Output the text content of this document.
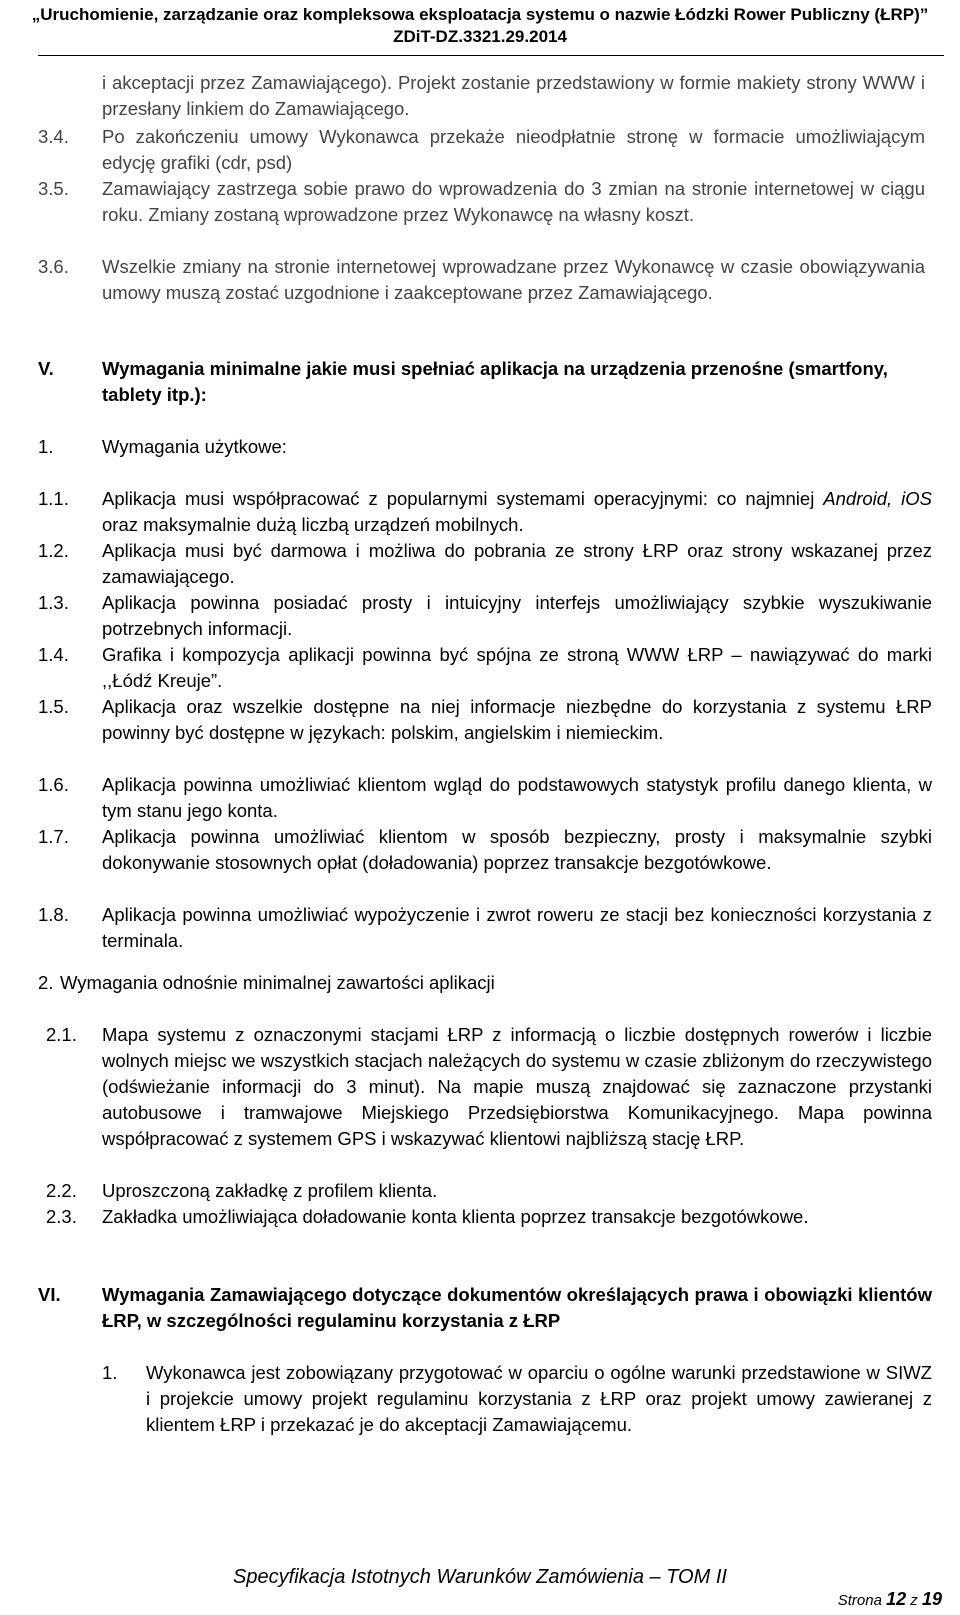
„Uruchomienie, zarządzanie oraz kompleksowa eksploatacja systemu o nazwie Łódzki Rower Publiczny (ŁRP)”
ZDiT-DZ.3321.29.2014
i akceptacji przez Zamawiającego). Projekt zostanie przedstawiony w formie makiety strony WWW i przesłany linkiem do Zamawiającego.
3.4. Po zakończeniu umowy Wykonawca przekaże nieodpłatnie stronę w formacie umożliwiającym edycję grafiki (cdr, psd)
3.5. Zamawiający zastrzega sobie prawo do wprowadzenia do 3 zmian na stronie internetowej w ciągu roku. Zmiany zostaną wprowadzone przez Wykonawcę na własny koszt.
3.6. Wszelkie zmiany na stronie internetowej wprowadzane przez Wykonawcę w czasie obowiązywania umowy muszą zostać uzgodnione i zaakceptowane przez Zamawiającego.
V.	Wymagania minimalne jakie musi spełniać aplikacja na urządzenia przenośne (smartfony, tablety itp.):
1.	Wymagania użytkowe:
1.1. Aplikacja musi współpracować z popularnymi systemami operacyjnymi: co najmniej Android, iOS oraz maksymalnie dużą liczbą urządzeń mobilnych.
1.2. Aplikacja musi być darmowa i możliwa do pobrania ze strony ŁRP oraz strony wskazanej przez zamawiającego.
1.3. Aplikacja powinna posiadać prosty i intuicyjny interfejs umożliwiający szybkie wyszukiwanie potrzebnych informacji.
1.4. Grafika i kompozycja aplikacji powinna być spójna ze stroną WWW ŁRP – nawiązywać do marki ,,Łódź Kreuje”.
1.5. Aplikacja oraz wszelkie dostępne na niej informacje niezbędne do korzystania z systemu ŁRP powinny być dostępne w językach: polskim, angielskim i niemieckim.
1.6. Aplikacja powinna umożliwiać klientom wgląd do podstawowych statystyk profilu danego klienta, w tym stanu jego konta.
1.7. Aplikacja powinna umożliwiać klientom w sposób bezpieczny, prosty i maksymalnie szybki dokonywanie stosownych opłat (doładowania) poprzez transakcje bezgotówkowe.
1.8. Aplikacja powinna umożliwiać wypożyczenie i zwrot roweru ze stacji bez konieczności korzystania z terminala.
2. Wymagania odnośnie minimalnej zawartości aplikacji
2.1. Mapa systemu z oznaczonymi stacjami ŁRP z informacją o liczbie dostępnych rowerów i liczbie wolnych miejsc we wszystkich stacjach należących do systemu w czasie zbliżonym do rzeczywistego (odświeżanie informacji do 3 minut). Na mapie muszą znajdować się zaznaczone przystanki autobusowe i tramwajowe Miejskiego Przedsiębiorstwa Komunikacyjnego. Mapa powinna współpracować z systemem GPS i wskazywać klientowi najbliższą stację ŁRP.
2.2. Uproszczoną zakładkę z profilem klienta.
2.3. Zakładka umożliwiająca doładowanie konta klienta poprzez transakcje bezgotówkowe.
VI. Wymagania Zamawiającego dotyczące dokumentów określających prawa i obowiązki klientów ŁRP, w szczególności regulaminu korzystania z ŁRP
1. Wykonawca jest zobowiązany przygotować w oparciu o ogólne warunki przedstawione w SIWZ i projekcie umowy projekt regulaminu korzystania z ŁRP oraz projekt umowy zawieranej z klientem ŁRP i przekazać je do akceptacji Zamawiającemu.
Specyfikacja Istotnych Warunków Zamówienia – TOM II
Strona 12 z 19
